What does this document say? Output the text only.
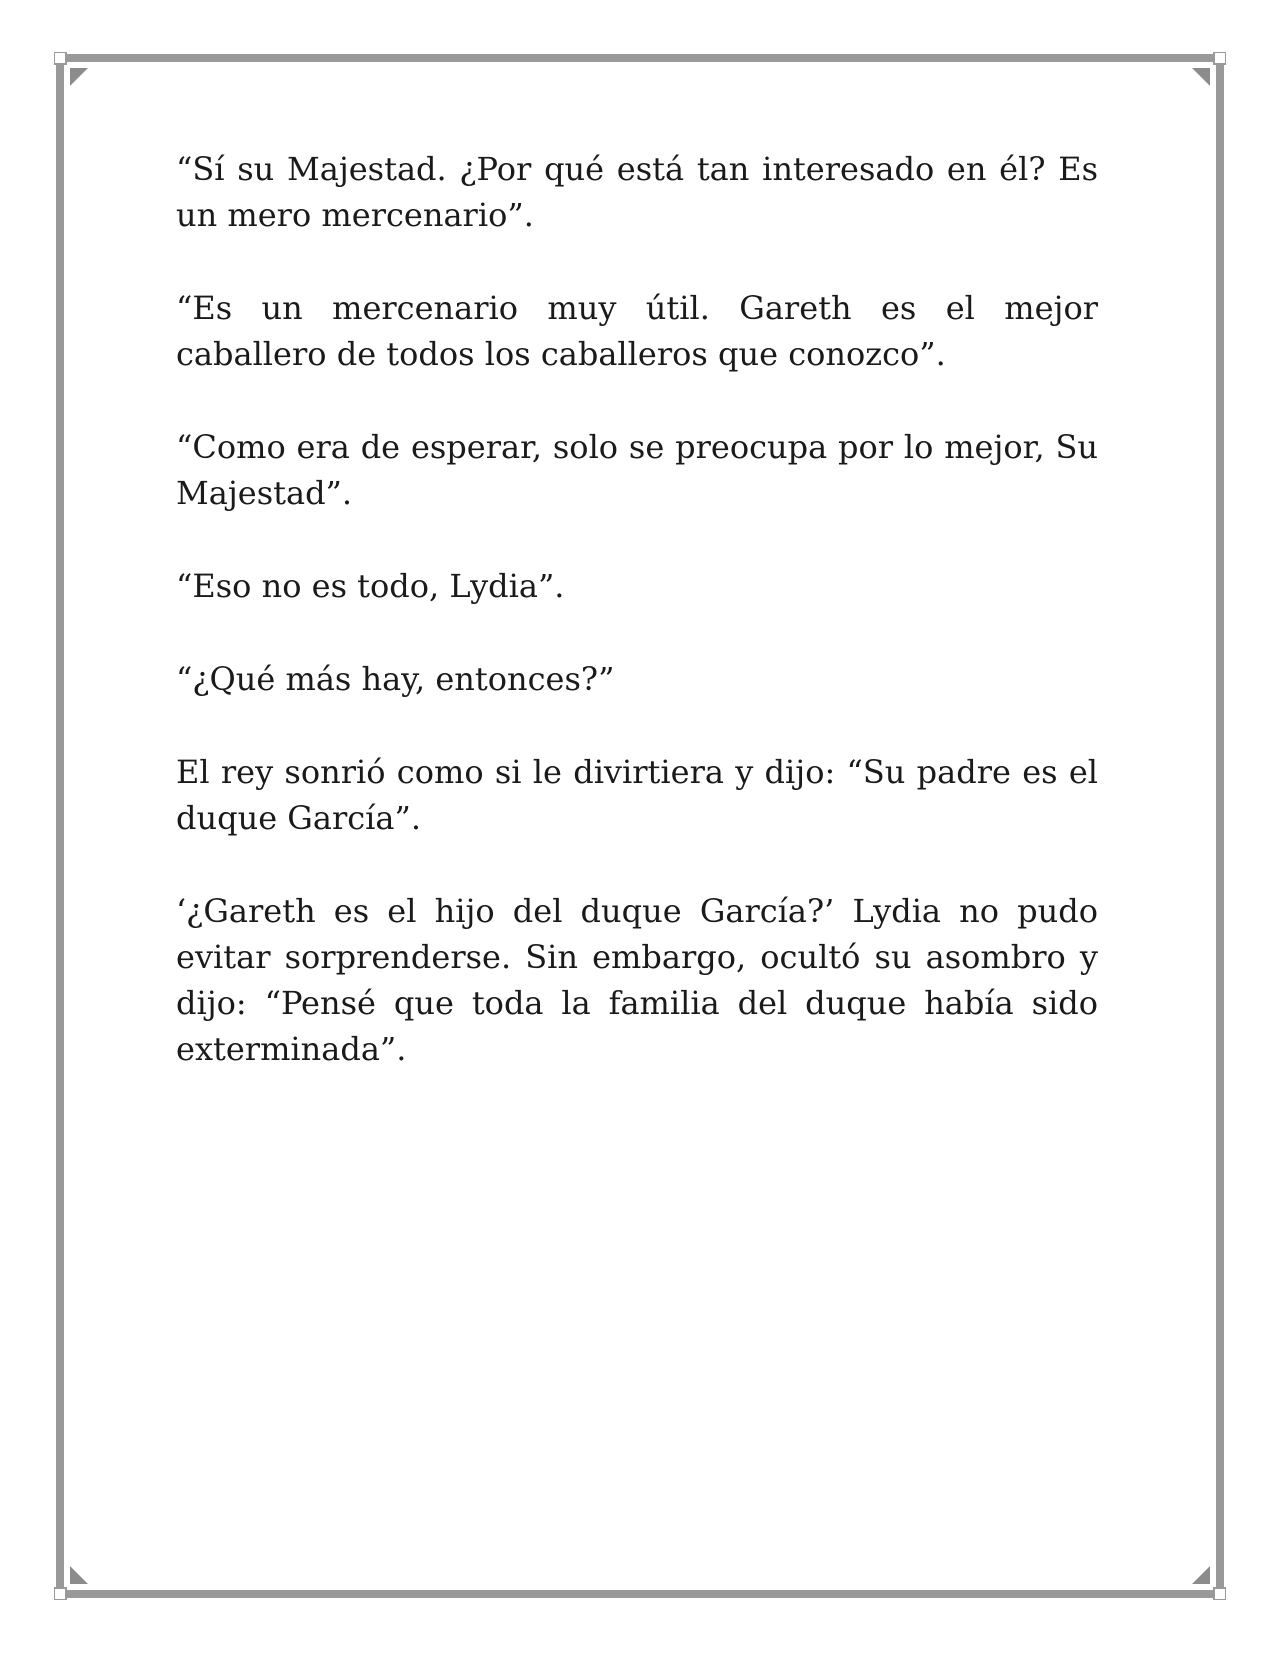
“Sí su Majestad. ¿Por qué está tan interesado en él? Es un mero mercenario”.

“Es un mercenario muy útil. Gareth es el mejor caballero de todos los caballeros que conozco”.

“Como era de esperar, solo se preocupa por lo mejor, Su Majestad”.

“Eso no es todo, Lydia”.

“¿Qué más hay, entonces?”

El rey sonrió como si le divirtiera y dijo: “Su padre es el duque García”.

‘¿Gareth es el hijo del duque García?’ Lydia no pudo evitar sorprenderse. Sin embargo, ocultó su asombro y dijo: “Pensé que toda la familia del duque había sido exterminada”.
